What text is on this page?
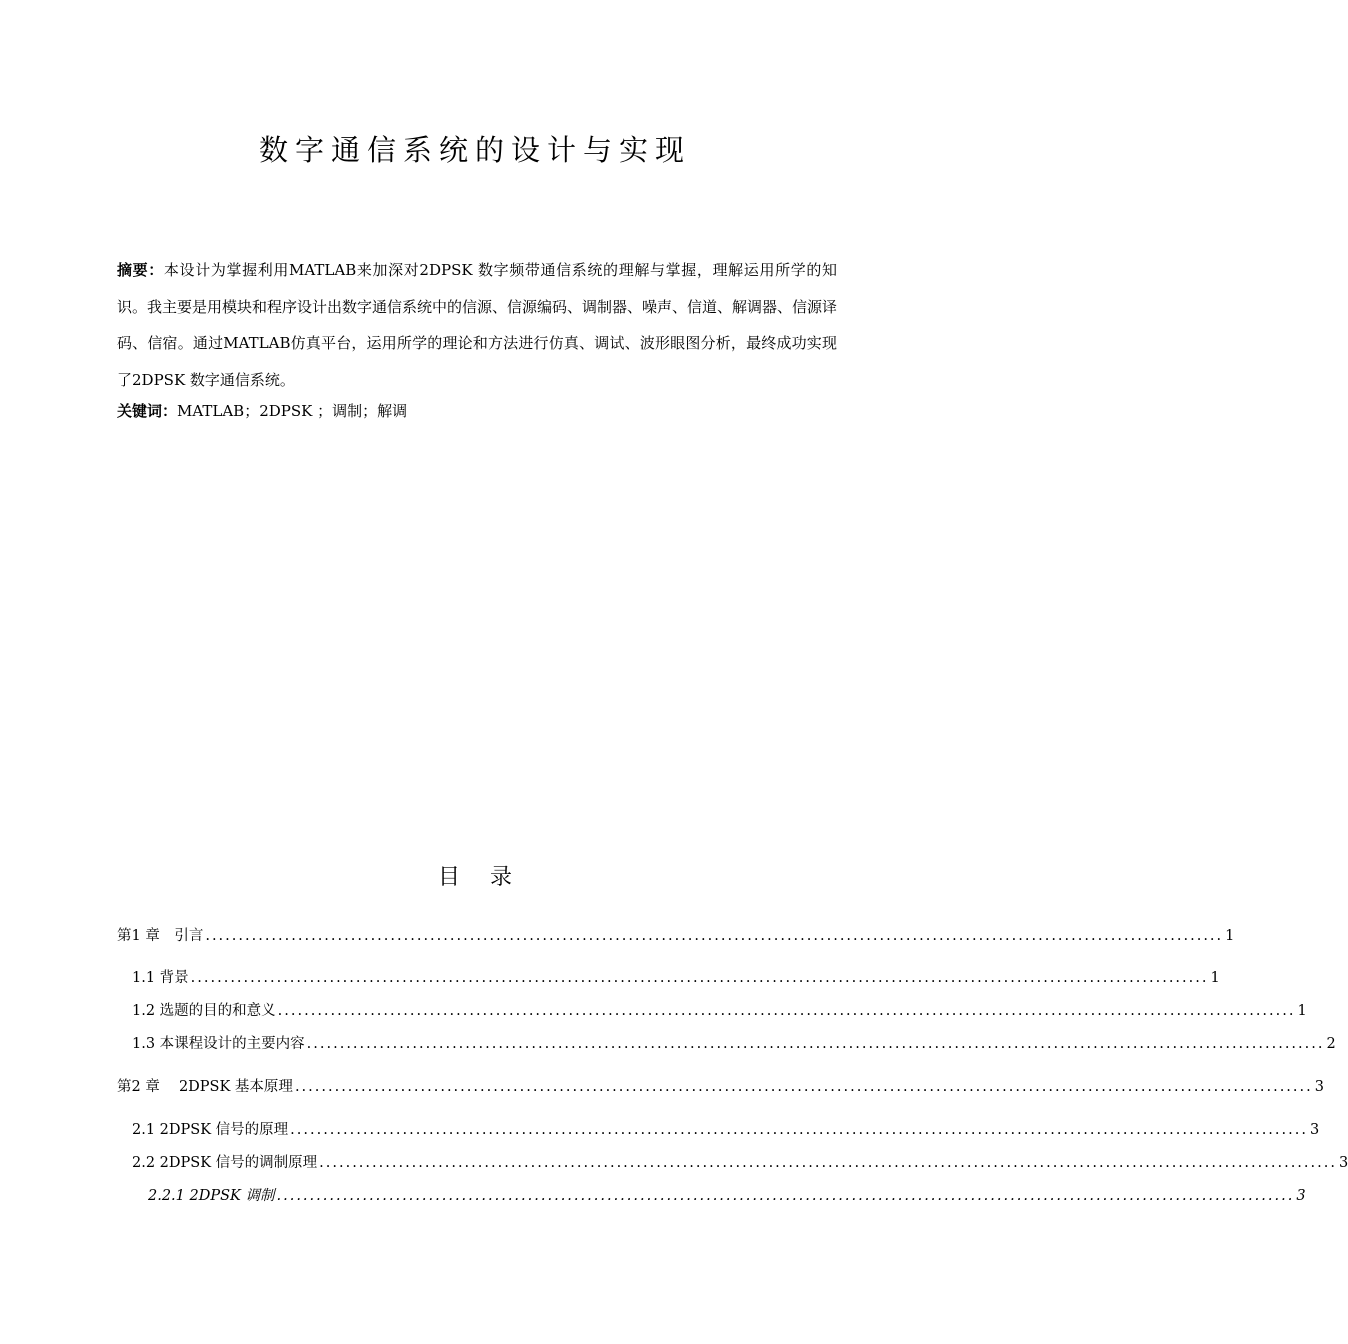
数字通信系统的设计与实现
摘要：本设计为掌握利用MATLAB来加深对2DPSK 数字频带通信系统的理解与掌握，理解运用所学的知识。我主要是用模块和程序设计出数字通信系统中的信源、信源编码、调制器、噪声、信道、解调器、信源译码、信宿。通过MATLAB仿真平台，运用所学的理论和方法进行仿真、调试、波形眼图分析，最终成功实现了2DPSK 数字通信系统。
关键词：MATLAB；2DPSK ；调制；解调
目 录
第1 章　引言 .......................................................................................................................................................... 1
1.1 背景 .......................................................................................................................................................... 1
1.2 选题的目的和意义 .......................................................................................................................................................... 1
1.3 本课程设计的主要内容 .......................................................................................................................................................... 2
第2 章　 2DPSK 基本原理 .......................................................................................................................................................... 3
2.1 2DPSK 信号的原理 .......................................................................................................................................................... 3
2.2 2DPSK 信号的调制原理 .......................................................................................................................................................... 3
2.2.1 2DPSK 调制 .......................................................................................................................................................... 3
